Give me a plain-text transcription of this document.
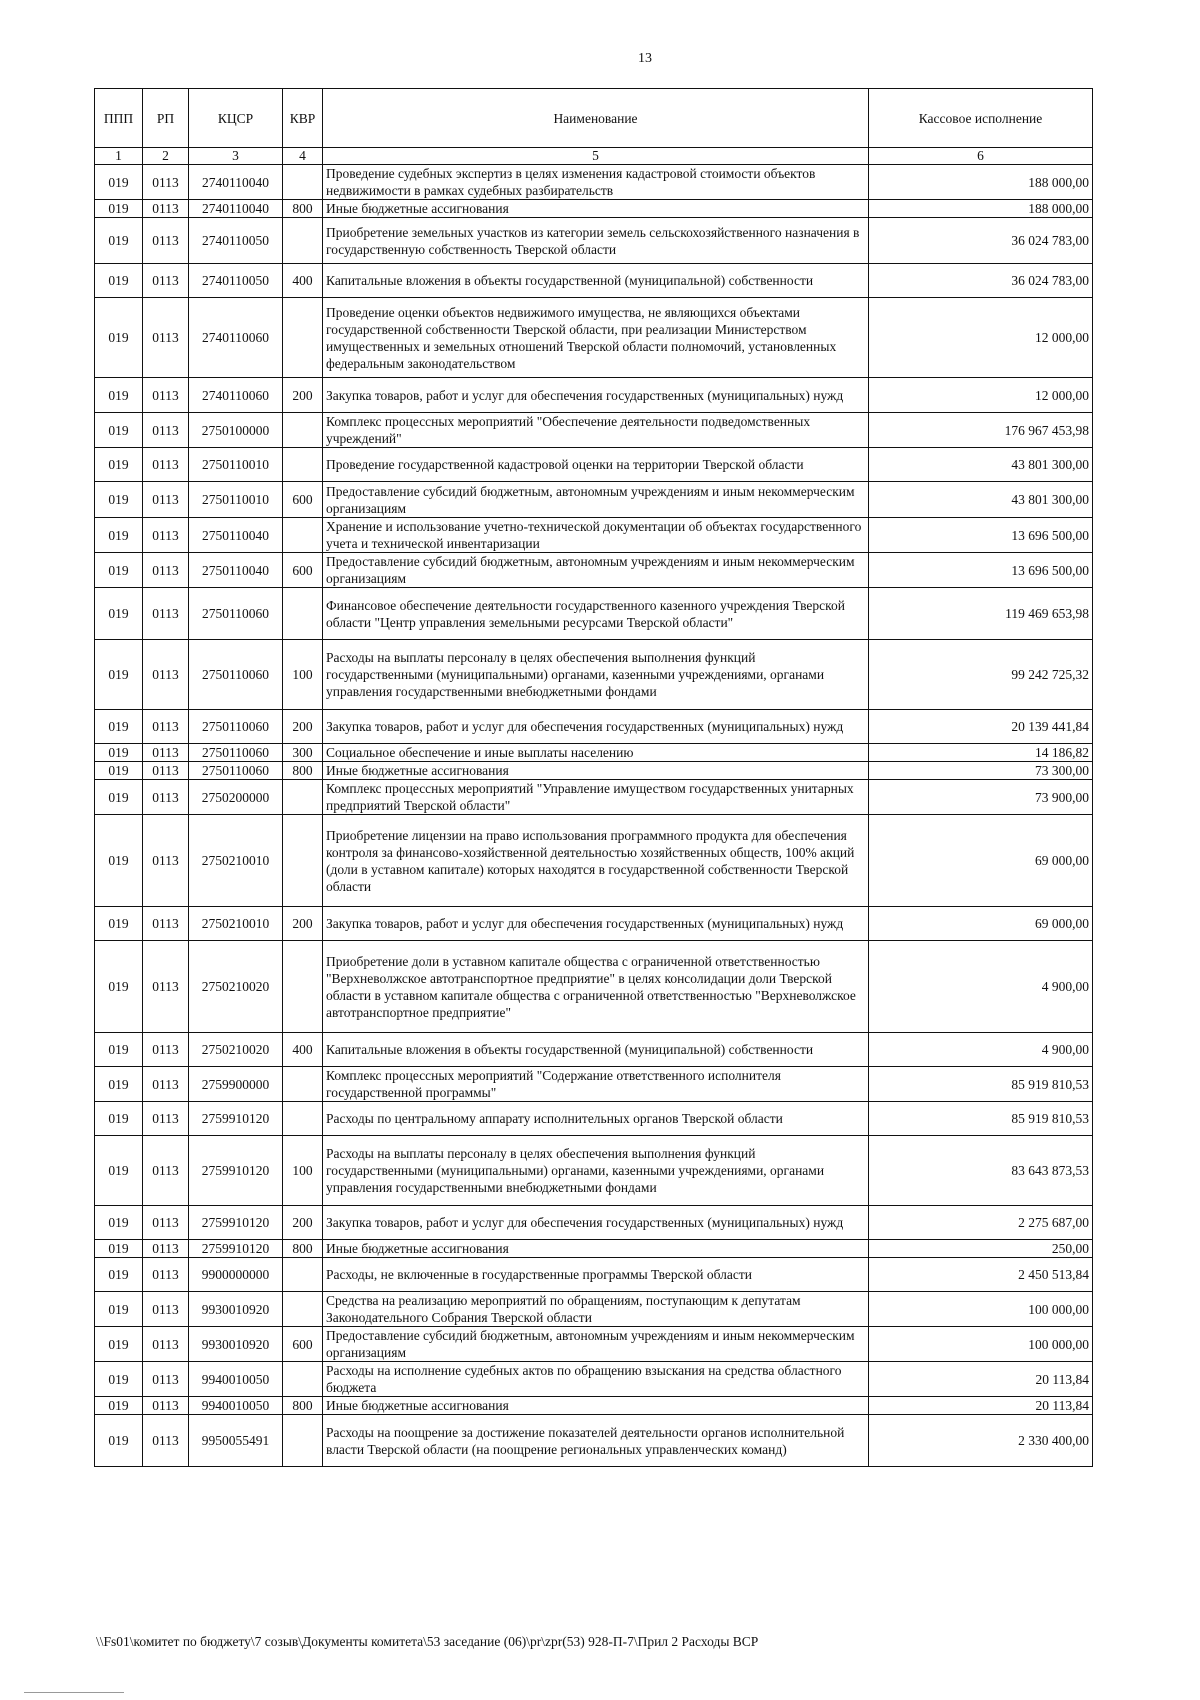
13
ППП	РП	КЦСР	КВР	Наименование	Кассовое исполнение
1	2	3	4	5	6
019	0113	2740110040		Проведение судебных экспертиз в целях изменения кадастровой стоимости объектов недвижимости в рамках судебных разбирательств	188 000,00
019	0113	2740110040	800	Иные бюджетные ассигнования	188 000,00
019	0113	2740110050		Приобретение земельных участков из категории земель сельскохозяйственного назначения в государственную собственность Тверской области	36 024 783,00
019	0113	2740110050	400	Капитальные вложения в объекты государственной (муниципальной) собственности	36 024 783,00
019	0113	2740110060		Проведение оценки объектов недвижимого имущества, не являющихся объектами государственной собственности Тверской области, при реализации Министерством имущественных и земельных отношений Тверской области полномочий, установленных федеральным законодательством	12 000,00
019	0113	2740110060	200	Закупка товаров, работ и услуг для обеспечения государственных (муниципальных) нужд	12 000,00
019	0113	2750100000		Комплекс процессных мероприятий "Обеспечение деятельности подведомственных учреждений"	176 967 453,98
019	0113	2750110010		Проведение государственной кадастровой оценки на территории Тверской области	43 801 300,00
019	0113	2750110010	600	Предоставление субсидий бюджетным, автономным учреждениям и иным некоммерческим организациям	43 801 300,00
019	0113	2750110040		Хранение и использование учетно-технической документации об объектах государственного учета и технической инвентаризации	13 696 500,00
019	0113	2750110040	600	Предоставление субсидий бюджетным, автономным учреждениям и иным некоммерческим организациям	13 696 500,00
019	0113	2750110060		Финансовое обеспечение деятельности государственного казенного учреждения Тверской области "Центр управления земельными ресурсами Тверской области"	119 469 653,98
019	0113	2750110060	100	Расходы на выплаты персоналу в целях обеспечения выполнения функций государственными (муниципальными) органами, казенными учреждениями, органами управления государственными внебюджетными фондами	99 242 725,32
019	0113	2750110060	200	Закупка товаров, работ и услуг для обеспечения государственных (муниципальных) нужд	20 139 441,84
019	0113	2750110060	300	Социальное обеспечение и иные выплаты населению	14 186,82
019	0113	2750110060	800	Иные бюджетные ассигнования	73 300,00
019	0113	2750200000		Комплекс процессных мероприятий "Управление имуществом государственных унитарных предприятий Тверской области"	73 900,00
019	0113	2750210010		Приобретение лицензии на право использования программного продукта для обеспечения контроля за финансово-хозяйственной деятельностью хозяйственных обществ, 100% акций (доли в уставном капитале) которых находятся в государственной собственности Тверской области	69 000,00
019	0113	2750210010	200	Закупка товаров, работ и услуг для обеспечения государственных (муниципальных) нужд	69 000,00
019	0113	2750210020		Приобретение доли в уставном капитале общества с ограниченной ответственностью "Верхневолжское автотранспортное предприятие" в целях консолидации доли Тверской области в уставном капитале общества с ограниченной ответственностью "Верхневолжское автотранспортное предприятие"	4 900,00
019	0113	2750210020	400	Капитальные вложения в объекты государственной (муниципальной) собственности	4 900,00
019	0113	2759900000		Комплекс процессных мероприятий "Содержание ответственного исполнителя государственной программы"	85 919 810,53
019	0113	2759910120		Расходы по центральному аппарату исполнительных органов Тверской области	85 919 810,53
019	0113	2759910120	100	Расходы на выплаты персоналу в целях обеспечения выполнения функций государственными (муниципальными) органами, казенными учреждениями, органами управления государственными внебюджетными фондами	83 643 873,53
019	0113	2759910120	200	Закупка товаров, работ и услуг для обеспечения государственных (муниципальных) нужд	2 275 687,00
019	0113	2759910120	800	Иные бюджетные ассигнования	250,00
019	0113	9900000000		Расходы, не включенные в государственные программы Тверской области	2 450 513,84
019	0113	9930010920		Средства на реализацию мероприятий по обращениям, поступающим к депутатам Законодательного Собрания Тверской области	100 000,00
019	0113	9930010920	600	Предоставление субсидий бюджетным, автономным учреждениям и иным некоммерческим организациям	100 000,00
019	0113	9940010050		Расходы на исполнение судебных актов по обращению взыскания на средства областного бюджета	20 113,84
019	0113	9940010050	800	Иные бюджетные ассигнования	20 113,84
019	0113	9950055491		Расходы на поощрение за достижение показателей деятельности органов исполнительной власти Тверской области (на поощрение региональных управленческих команд)	2 330 400,00
\\Fs01\комитет по бюджету\7 созыв\Документы комитета\53 заседание (06)\pr\zpr(53) 928-П-7\Прил 2 Расходы ВСР
